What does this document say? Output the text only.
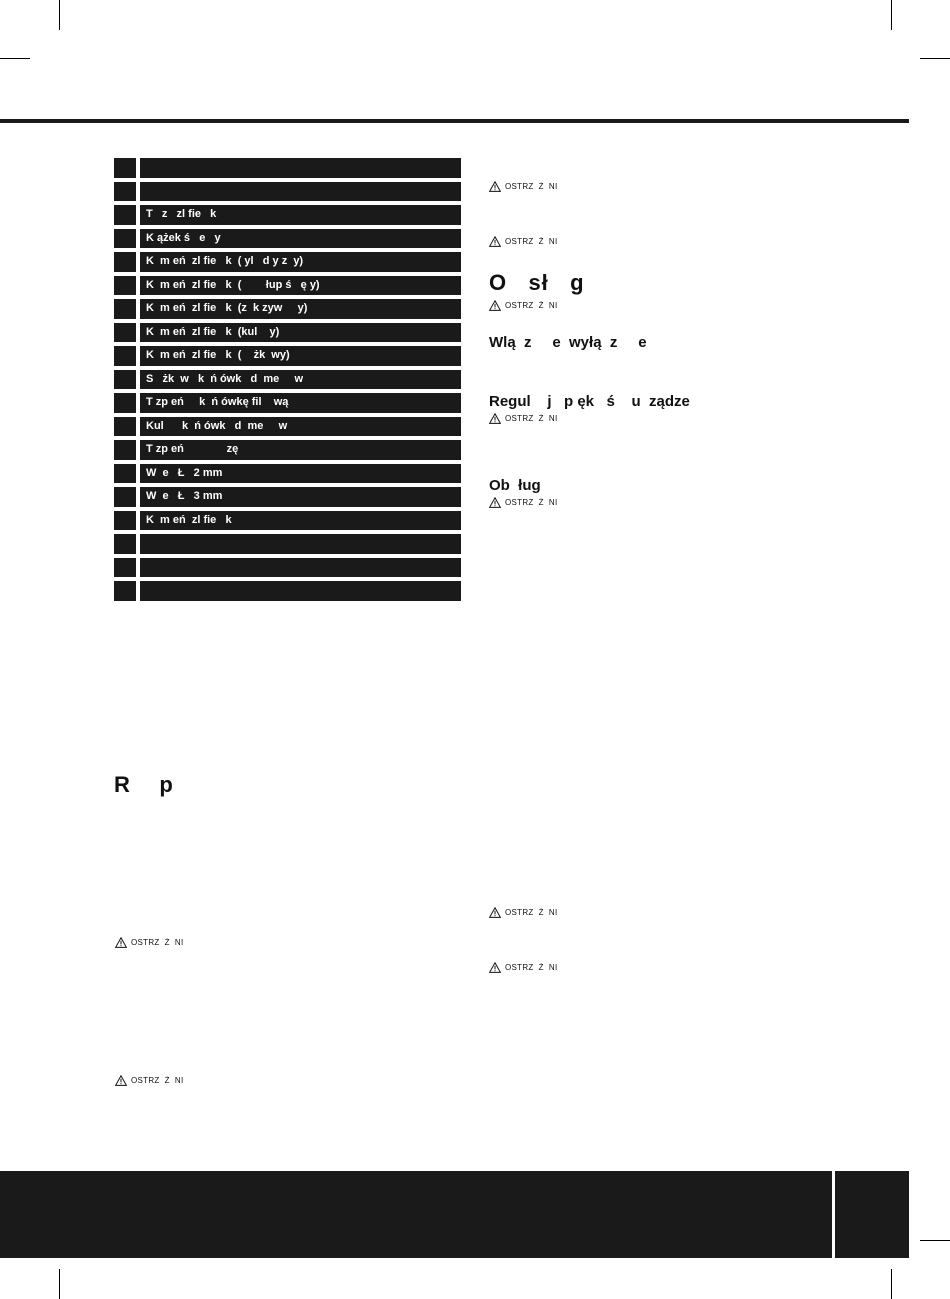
T   z   zl fie   k
K ążek ś   e   y
K  m eń  zl fie   k  ( yl   d y z  y)
K  m eń  zl fie   k  (        łup ś   ę y)
K  m eń  zl fie   k  (z  k zyw     y)
K  m eń  zl fie   k  (kul    y)
K  m eń  zl fie   k  (    żk  wy)
S   żk  w   k  ń ówk   d  me     w
T zp eń     k  ń ówkę fil    wą
Kul      k  ń ówk   d  me     w
T zp eń              zę
W  e   Ł   2 mm
W  e   Ł   3 mm
K  m eń  zl fie   k
R    p
OSTRZ  Ż  NI
OSTRZ  Ż  NI
OSTRZ  Ż  NI
OSTRZ  Ż  NI
O   sł   g
OSTRZ  Ż  NI
Wlą  z     e  wyłą  z     e
Regul    j   p ęk   ś    u  ządze
OSTRZ  Ż  NI
Ob  ług
OSTRZ  Ż  NI
OSTRZ  Ż  NI
OSTRZ  Ż  NI
